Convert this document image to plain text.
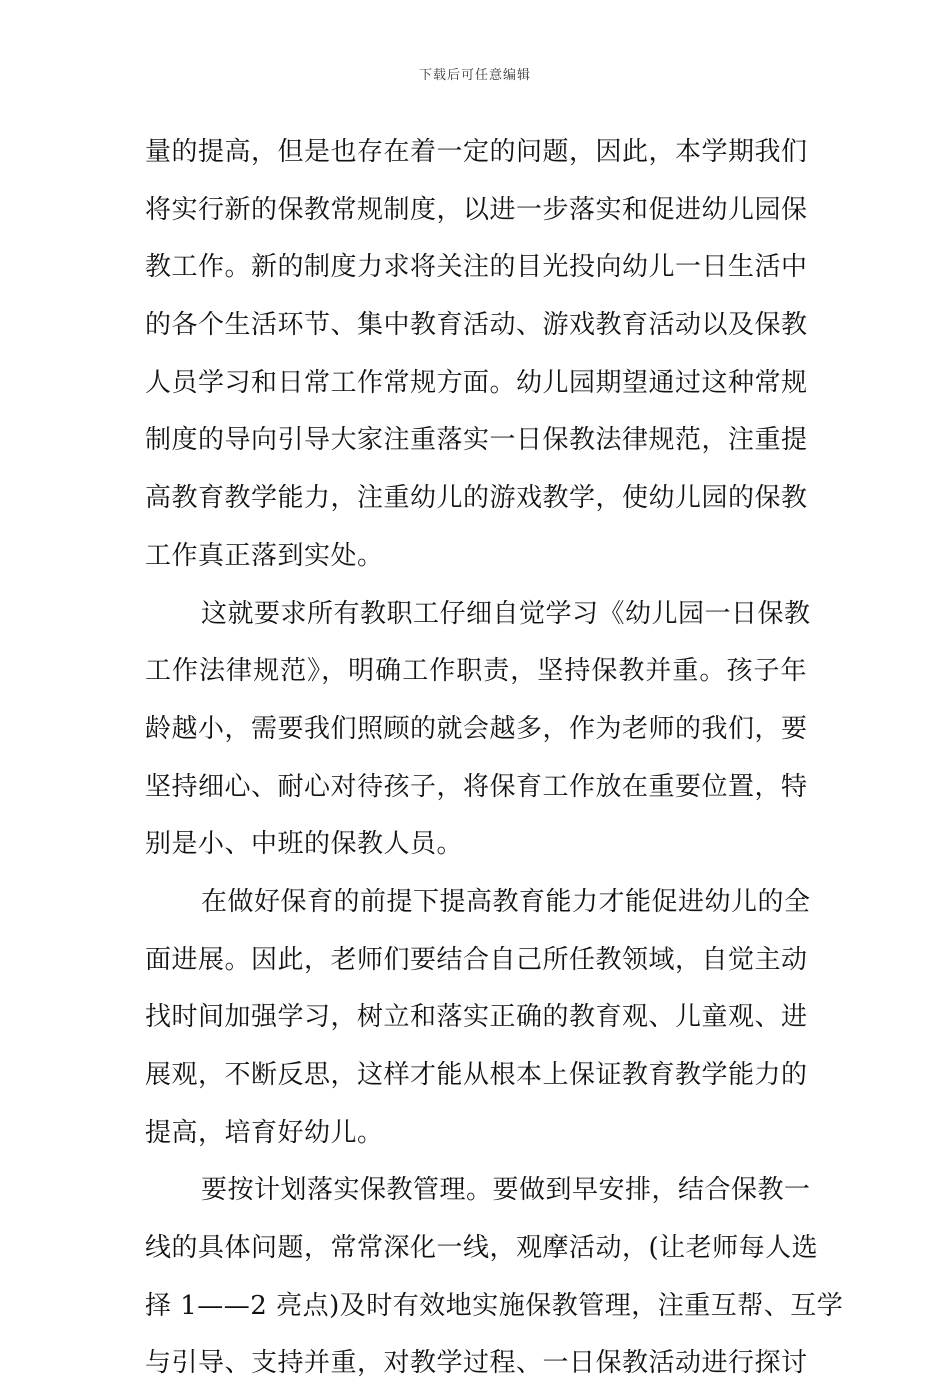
下载后可任意编辑
量的提高，但是也存在着一定的问题，因此，本学期我们
将实行新的保教常规制度，以进一步落实和促进幼儿园保
教工作。新的制度力求将关注的目光投向幼儿一日生活中
的各个生活环节、集中教育活动、游戏教育活动以及保教
人员学习和日常工作常规方面。幼儿园期望通过这种常规
制度的导向引导大家注重落实一日保教法律规范，注重提
高教育教学能力，注重幼儿的游戏教学，使幼儿园的保教
工作真正落到实处。
这就要求所有教职工仔细自觉学习《幼儿园一日保教
工作法律规范》，明确工作职责，坚持保教并重。孩子年
龄越小，需要我们照顾的就会越多，作为老师的我们，要
坚持细心、耐心对待孩子，将保育工作放在重要位置，特
别是小、中班的保教人员。
在做好保育的前提下提高教育能力才能促进幼儿的全
面进展。因此，老师们要结合自己所任教领域，自觉主动
找时间加强学习，树立和落实正确的教育观、儿童观、进
展观，不断反思，这样才能从根本上保证教育教学能力的
提高，培育好幼儿。
要按计划落实保教管理。要做到早安排，结合保教一
线的具体问题，常常深化一线，观摩活动，(让老师每人选
择 1——2 亮点)及时有效地实施保教管理，注重互帮、互学
与引导、支持并重，对教学过程、一日保教活动进行探讨
